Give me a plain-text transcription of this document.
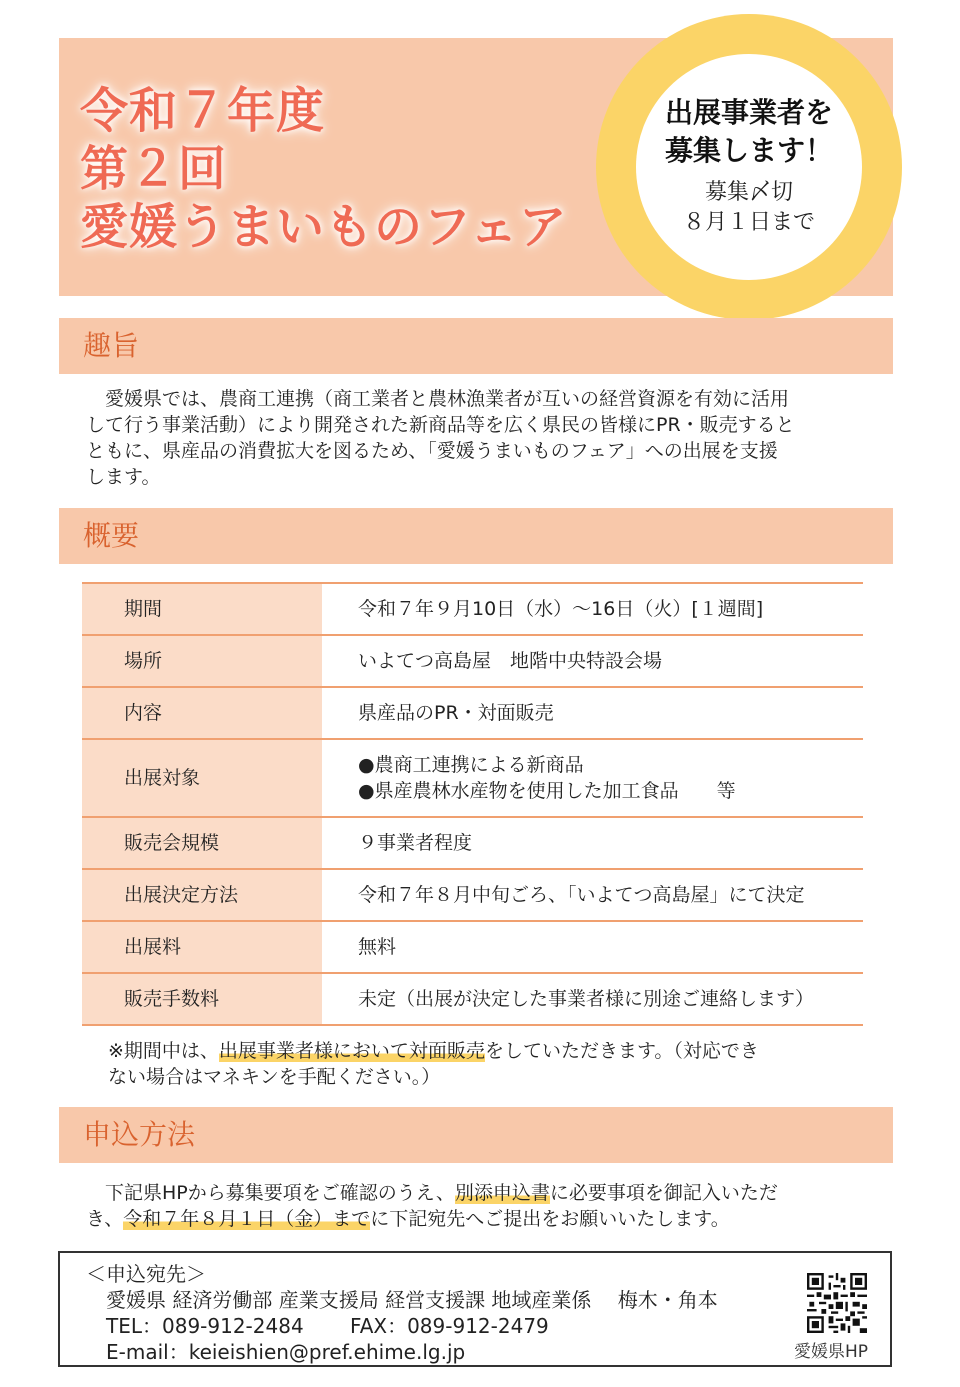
令和７年度
第２回
愛媛うまいものフェア
出展事業者を
募集します！
募集〆切
８月１日まで
趣旨
　愛媛県では、農商工連携（商工業者と農林漁業者が互いの経営資源を有効に活用
して行う事業活動）により開発された新商品等を広く県民の皆様にPR・販売すると
ともに、県産品の消費拡大を図るため、「愛媛うまいものフェア」への出展を支援
します。
概要
期間	令和７年９月10日（水）～16日（火）[１週間]
場所	いよてつ高島屋　地階中央特設会場
内容	県産品のPR・対面販売
出展対象	●農商工連携による新商品
●県産農林水産物を使用した加工食品　　等

販売会規模	９事業者程度
出展決定方法	令和７年８月中旬ごろ、「いよてつ高島屋」にて決定
出展料	無料
販売手数料	未定（出展が決定した事業者様に別途ご連絡します）
※期間中は、出展事業者様において対面販売をしていただきます。（対応でき
ない場合はマネキンを手配ください。）
申込方法
　下記県HPから募集要項をご確認のうえ、別添申込書に必要事項を御記入いただ
き、令和７年８月１日（金）までに下記宛先へご提出をお願いいたします。
＜申込宛先＞
　愛媛県 経済労働部 産業支援局 経営支援課 地域産業係　 梅木・角本
　TEL：089-912-2484　　 FAX：089-912-2479
　E-mail：keieishien@pref.ehime.lg.jp	愛媛県HP
